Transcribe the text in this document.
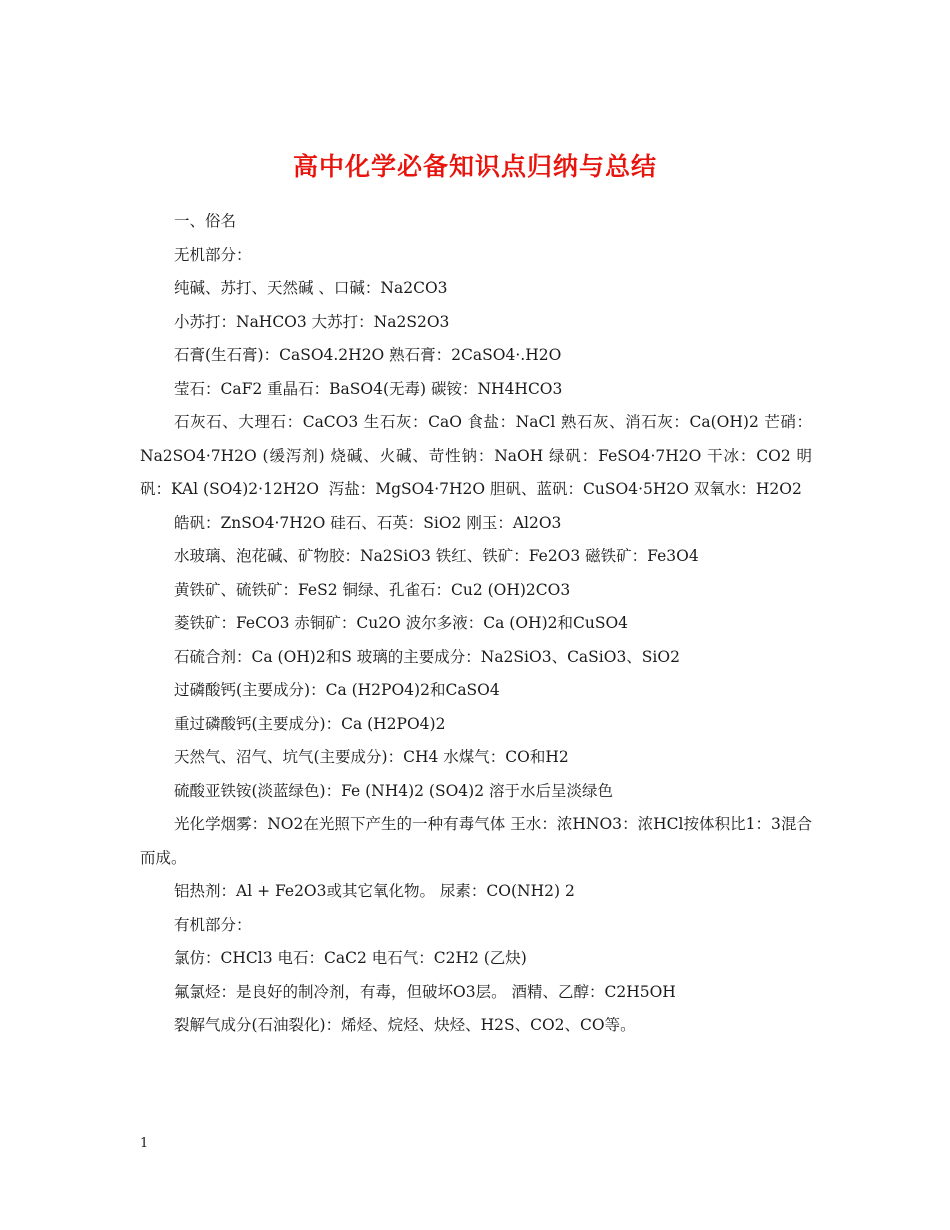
高中化学必备知识点归纳与总结

一、俗名

无机部分：

纯碱、苏打、天然碱 、口碱：Na2CO3

小苏打：NaHCO3 大苏打：Na2S2O3

石膏(生石膏)：CaSO4.2H2O 熟石膏：2CaSO4·.H2O

莹石：CaF2 重晶石：BaSO4(无毒) 碳铵：NH4HCO3

石灰石、大理石：CaCO3 生石灰：CaO 食盐：NaCl 熟石灰、消石灰：Ca(OH)2 芒硝：Na2SO4·7H2O (缓泻剂) 烧碱、火碱、苛性钠：NaOH 绿矾：FeSO4·7H2O 干冰：CO2 明矾：KAl (SO4)2·12H2O  泻盐：MgSO4·7H2O 胆矾、蓝矾：CuSO4·5H2O 双氧水：H2O2

皓矾：ZnSO4·7H2O 硅石、石英：SiO2 刚玉：Al2O3

水玻璃、泡花碱、矿物胶：Na2SiO3 铁红、铁矿：Fe2O3 磁铁矿：Fe3O4

黄铁矿、硫铁矿：FeS2 铜绿、孔雀石：Cu2 (OH)2CO3

菱铁矿：FeCO3 赤铜矿：Cu2O 波尔多液：Ca (OH)2和CuSO4

石硫合剂：Ca (OH)2和S 玻璃的主要成分：Na2SiO3、CaSiO3、SiO2

过磷酸钙(主要成分)：Ca (H2PO4)2和CaSO4

重过磷酸钙(主要成分)：Ca (H2PO4)2

天然气、沼气、坑气(主要成分)：CH4 水煤气：CO和H2

硫酸亚铁铵(淡蓝绿色)：Fe (NH4)2 (SO4)2 溶于水后呈淡绿色

光化学烟雾：NO2在光照下产生的一种有毒气体 王水：浓HNO3：浓HCl按体积比1：3混合而成。

铝热剂：Al + Fe2O3或其它氧化物。 尿素：CO(NH2) 2

有机部分：

氯仿：CHCl3 电石：CaC2 电石气：C2H2 (乙炔)

氟氯烃：是良好的制冷剂，有毒，但破坏O3层。 酒精、乙醇：C2H5OH

裂解气成分(石油裂化)：烯烃、烷烃、炔烃、H2S、CO2、CO等。

1
